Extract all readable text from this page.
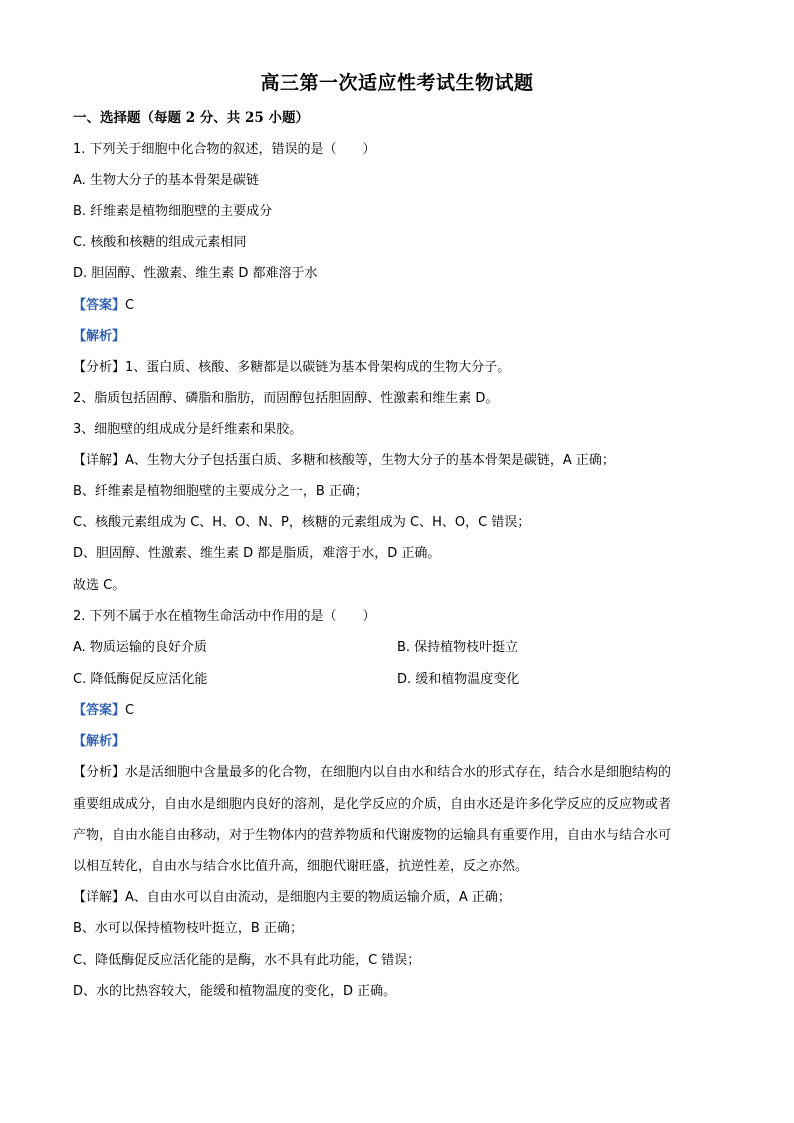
高三第一次适应性考试生物试题
一、选择题（每题 2 分、共 25 小题）
1. 下列关于细胞中化合物的叙述，错误的是（　　）
A. 生物大分子的基本骨架是碳链
B. 纤维素是植物细胞壁的主要成分
C. 核酸和核糖的组成元素相同
D. 胆固醇、性激素、维生素 D 都难溶于水
【答案】C
【解析】
【分析】1、蛋白质、核酸、多糖都是以碳链为基本骨架构成的生物大分子。
2、脂质包括固醇、磷脂和脂肪，而固醇包括胆固醇、性激素和维生素 D。
3、细胞壁的组成成分是纤维素和果胶。
【详解】A、生物大分子包括蛋白质、多糖和核酸等，生物大分子的基本骨架是碳链，A 正确；
B、纤维素是植物细胞壁的主要成分之一，B 正确；
C、核酸元素组成为 C、H、O、N、P，核糖的元素组成为 C、H、O，C 错误；
D、胆固醇、性激素、维生素 D 都是脂质，难溶于水，D 正确。
故选 C。
2. 下列不属于水在植物生命活动中作用的是（　　）
A. 物质运输的良好介质	B. 保持植物枝叶挺立
C. 降低酶促反应活化能	D. 缓和植物温度变化
【答案】C
【解析】
【分析】水是活细胞中含量最多的化合物，在细胞内以自由水和结合水的形式存在，结合水是细胞结构的
重要组成成分，自由水是细胞内良好的溶剂，是化学反应的介质，自由水还是许多化学反应的反应物或者
产物，自由水能自由移动，对于生物体内的营养物质和代谢废物的运输具有重要作用，自由水与结合水可
以相互转化，自由水与结合水比值升高，细胞代谢旺盛，抗逆性差，反之亦然。
【详解】A、自由水可以自由流动，是细胞内主要的物质运输介质，A 正确；
B、水可以保持植物枝叶挺立，B 正确；
C、降低酶促反应活化能的是酶，水不具有此功能，C 错误；
D、水的比热容较大，能缓和植物温度的变化，D 正确。
